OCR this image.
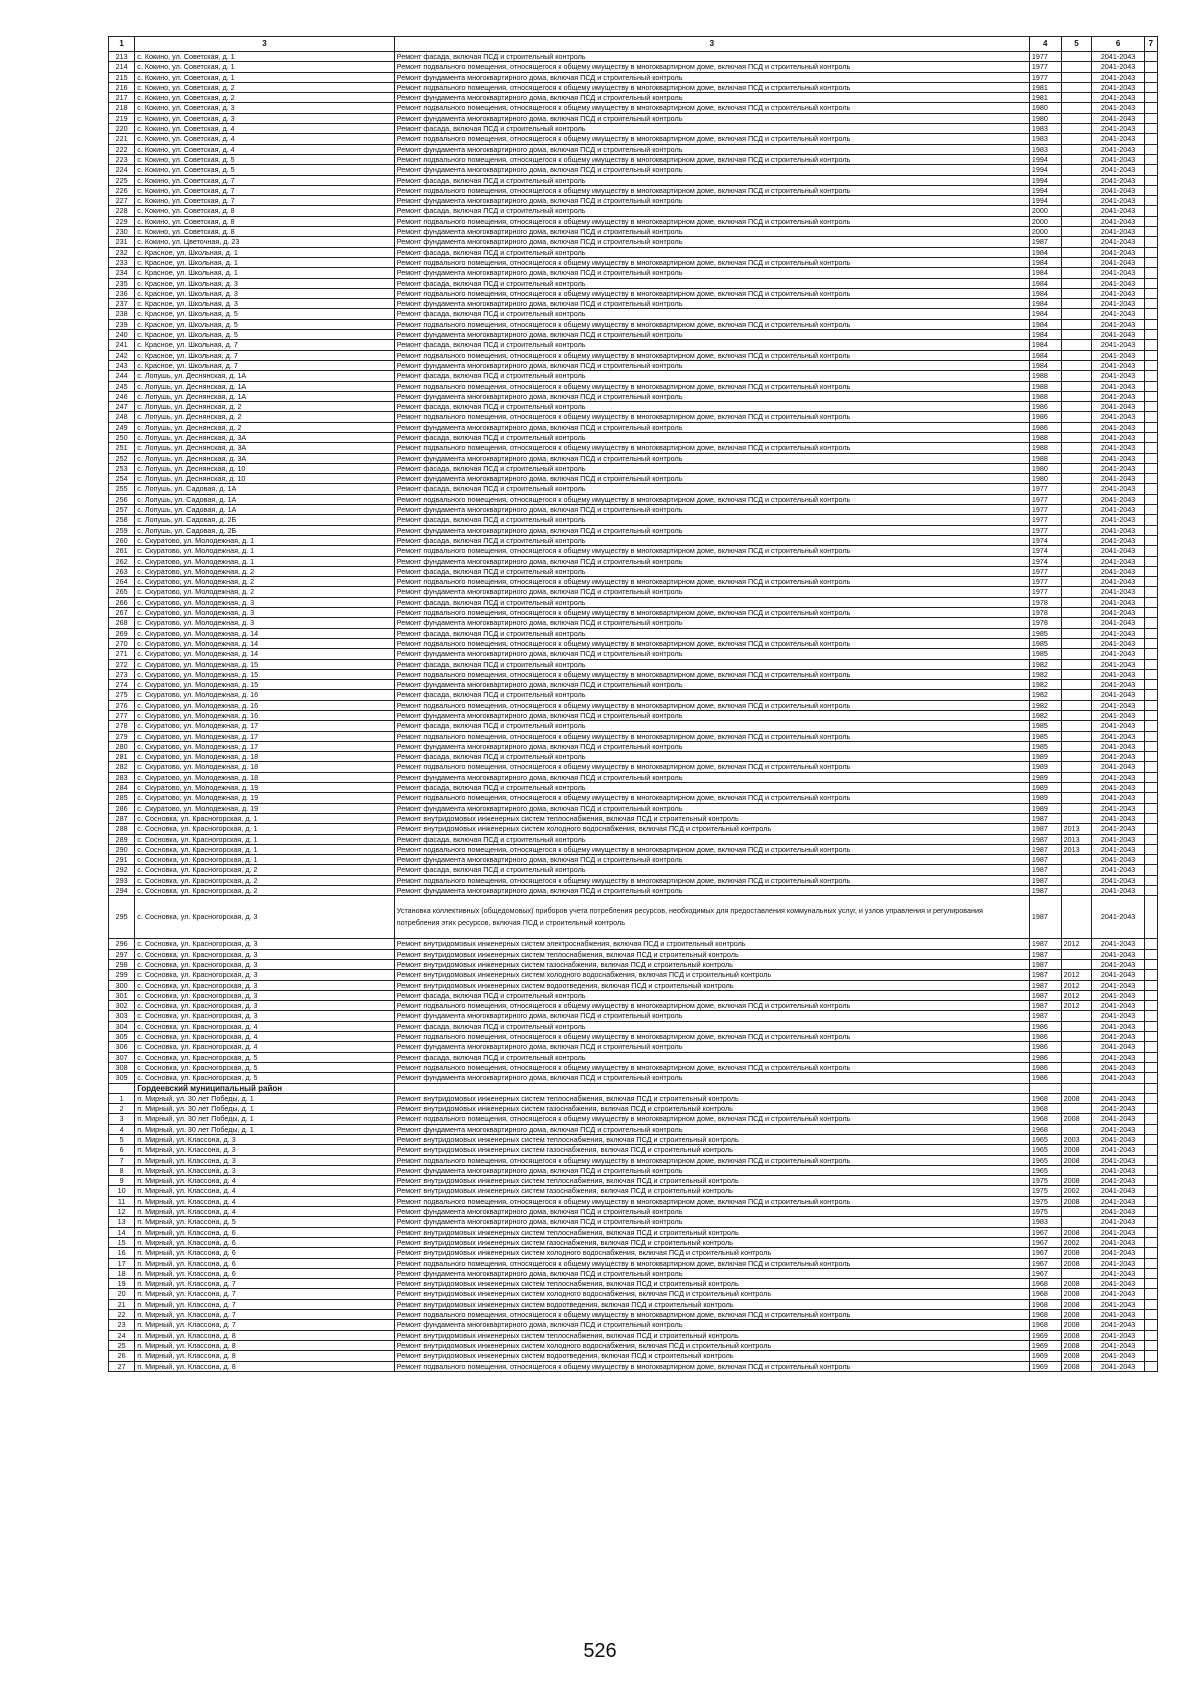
1	3	3	4	5	6	7
213	с. Кокино, ул. Советская, д. 1	Ремонт фасада, включая ПСД и строительный контроль	1977		2041-2043	
214	с. Кокино, ул. Советская, д. 1	Ремонт подвального помещения, относящегося к общему имуществу в многоквартирном доме, включая ПСД и строительный контроль	1977		2041-2043	
215	с. Кокино, ул. Советская, д. 1	Ремонт фундамента многоквартирного дома, включая ПСД и строительный контроль	1977		2041-2043	
216	с. Кокино, ул. Советская, д. 2	Ремонт подвального помещения, относящегося к общему имуществу в многоквартирном доме, включая ПСД и строительный контроль	1981		2041-2043	
217	с. Кокино, ул. Советская, д. 2	Ремонт фундамента многоквартирного дома, включая ПСД и строительный контроль	1981		2041-2043	
218	с. Кокино, ул. Советская, д. 3	Ремонт подвального помещения, относящегося к общему имуществу в многоквартирном доме, включая ПСД и строительный контроль	1980		2041-2043	
219	с. Кокино, ул. Советская, д. 3	Ремонт фундамента многоквартирного дома, включая ПСД и строительный контроль	1980		2041-2043	
220	с. Кокино, ул. Советская, д. 4	Ремонт фасада, включая ПСД и строительный контроль	1983		2041-2043	
221	с. Кокино, ул. Советская, д. 4	Ремонт подвального помещения, относящегося к общему имуществу в многоквартирном доме, включая ПСД и строительный контроль	1983		2041-2043	
222	с. Кокино, ул. Советская, д. 4	Ремонт фундамента многоквартирного дома, включая ПСД и строительный контроль	1983		2041-2043	
223	с. Кокино, ул. Советская, д. 5	Ремонт подвального помещения, относящегося к общему имуществу в многоквартирном доме, включая ПСД и строительный контроль	1994		2041-2043	
224	с. Кокино, ул. Советская, д. 5	Ремонт фундамента многоквартирного дома, включая ПСД и строительный контроль	1994		2041-2043	
225	с. Кокино, ул. Советская, д. 7	Ремонт фасада, включая ПСД и строительный контроль	1994		2041-2043	
226	с. Кокино, ул. Советская, д. 7	Ремонт подвального помещения, относящегося к общему имуществу в многоквартирном доме, включая ПСД и строительный контроль	1994		2041-2043	
227	с. Кокино, ул. Советская, д. 7	Ремонт фундамента многоквартирного дома, включая ПСД и строительный контроль	1994		2041-2043	
228	с. Кокино, ул. Советская, д. 8	Ремонт фасада, включая ПСД и строительный контроль	2000		2041-2043	
229	с. Кокино, ул. Советская, д. 8	Ремонт подвального помещения, относящегося к общему имуществу в многоквартирном доме, включая ПСД и строительный контроль	2000		2041-2043	
230	с. Кокино, ул. Советская, д. 8	Ремонт фундамента многоквартирного дома, включая ПСД и строительный контроль	2000		2041-2043	
231	с. Кокино, ул. Цветочная, д. 23	Ремонт фундамента многоквартирного дома, включая ПСД и строительный контроль	1987		2041-2043	
232	с. Красное, ул. Школьная, д. 1	Ремонт фасада, включая ПСД и строительный контроль	1984		2041-2043	
233	с. Красное, ул. Школьная, д. 1	Ремонт подвального помещения, относящегося к общему имуществу в многоквартирном доме, включая ПСД и строительный контроль	1984		2041-2043	
234	с. Красное, ул. Школьная, д. 1	Ремонт фундамента многоквартирного дома, включая ПСД и строительный контроль	1984		2041-2043	
235	с. Красное, ул. Школьная, д. 3	Ремонт фасада, включая ПСД и строительный контроль	1984		2041-2043	
236	с. Красное, ул. Школьная, д. 3	Ремонт подвального помещения, относящегося к общему имуществу в многоквартирном доме, включая ПСД и строительный контроль	1984		2041-2043	
237	с. Красное, ул. Школьная, д. 3	Ремонт фундамента многоквартирного дома, включая ПСД и строительный контроль	1984		2041-2043	
238	с. Красное, ул. Школьная, д. 5	Ремонт фасада, включая ПСД и строительный контроль	1984		2041-2043	
239	с. Красное, ул. Школьная, д. 5	Ремонт подвального помещения, относящегося к общему имуществу в многоквартирном доме, включая ПСД и строительный контроль	1984		2041-2043	
240	с. Красное, ул. Школьная, д. 5	Ремонт фундамента многоквартирного дома, включая ПСД и строительный контроль	1984		2041-2043	
241	с. Красное, ул. Школьная, д. 7	Ремонт фасада, включая ПСД и строительный контроль	1984		2041-2043	
242	с. Красное, ул. Школьная, д. 7	Ремонт подвального помещения, относящегося к общему имуществу в многоквартирном доме, включая ПСД и строительный контроль	1984		2041-2043	
243	с. Красное, ул. Школьная, д. 7	Ремонт фундамента многоквартирного дома, включая ПСД и строительный контроль	1984		2041-2043	
244	с. Лопушь, ул. Деснянская, д. 1А	Ремонт фасада, включая ПСД и строительный контроль	1988		2041-2043	
245	с. Лопушь, ул. Деснянская, д. 1А	Ремонт подвального помещения, относящегося к общему имуществу в многоквартирном доме, включая ПСД и строительный контроль	1988		2041-2043	
246	с. Лопушь, ул. Деснянская, д. 1А	Ремонт фундамента многоквартирного дома, включая ПСД и строительный контроль	1988		2041-2043	
247	с. Лопушь, ул. Деснянская, д. 2	Ремонт фасада, включая ПСД и строительный контроль	1986		2041-2043	
248	с. Лопушь, ул. Деснянская, д. 2	Ремонт подвального помещения, относящегося к общему имуществу в многоквартирном доме, включая ПСД и строительный контроль	1986		2041-2043	
249	с. Лопушь, ул. Деснянская, д. 2	Ремонт фундамента многоквартирного дома, включая ПСД и строительный контроль	1986		2041-2043	
250	с. Лопушь, ул. Деснянская, д. 3А	Ремонт фасада, включая ПСД и строительный контроль	1988		2041-2043	
251	с. Лопушь, ул. Деснянская, д. 3А	Ремонт подвального помещения, относящегося к общему имуществу в многоквартирном доме, включая ПСД и строительный контроль	1988		2041-2043	
252	с. Лопушь, ул. Деснянская, д. 3А	Ремонт фундамента многоквартирного дома, включая ПСД и строительный контроль	1988		2041-2043	
253	с. Лопушь, ул. Деснянская, д. 10	Ремонт фасада, включая ПСД и строительный контроль	1980		2041-2043	
254	с. Лопушь, ул. Деснянская, д. 10	Ремонт фундамента многоквартирного дома, включая ПСД и строительный контроль	1980		2041-2043	
255	с. Лопушь, ул. Садовая, д. 1А	Ремонт фасада, включая ПСД и строительный контроль	1977		2041-2043	
256	с. Лопушь, ул. Садовая, д. 1А	Ремонт подвального помещения, относящегося к общему имуществу в многоквартирном доме, включая ПСД и строительный контроль	1977		2041-2043	
257	с. Лопушь, ул. Садовая, д. 1А	Ремонт фундамента многоквартирного дома, включая ПСД и строительный контроль	1977		2041-2043	
258	с. Лопушь, ул. Садовая, д. 2Б	Ремонт фасада, включая ПСД и строительный контроль	1977		2041-2043	
259	с. Лопушь, ул. Садовая, д. 2Б	Ремонт фундамента многоквартирного дома, включая ПСД и строительный контроль	1977		2041-2043	
260	с. Скуратово, ул. Молодежная, д. 1	Ремонт фасада, включая ПСД и строительный контроль	1974		2041-2043	
261	с. Скуратово, ул. Молодежная, д. 1	Ремонт подвального помещения, относящегося к общему имуществу в многоквартирном доме, включая ПСД и строительный контроль	1974		2041-2043	
262	с. Скуратово, ул. Молодежная, д. 1	Ремонт фундамента многоквартирного дома, включая ПСД и строительный контроль	1974		2041-2043	
263	с. Скуратово, ул. Молодежная, д. 2	Ремонт фасада, включая ПСД и строительный контроль	1977		2041-2043	
264	с. Скуратово, ул. Молодежная, д. 2	Ремонт подвального помещения, относящегося к общему имуществу в многоквартирном доме, включая ПСД и строительный контроль	1977		2041-2043	
265	с. Скуратово, ул. Молодежная, д. 2	Ремонт фундамента многоквартирного дома, включая ПСД и строительный контроль	1977		2041-2043	
266	с. Скуратово, ул. Молодежная, д. 3	Ремонт фасада, включая ПСД и строительный контроль	1978		2041-2043	
267	с. Скуратово, ул. Молодежная, д. 3	Ремонт подвального помещения, относящегося к общему имуществу в многоквартирном доме, включая ПСД и строительный контроль	1978		2041-2043	
268	с. Скуратово, ул. Молодежная, д. 3	Ремонт фундамента многоквартирного дома, включая ПСД и строительный контроль	1978		2041-2043	
269	с. Скуратово, ул. Молодежная, д. 14	Ремонт фасада, включая ПСД и строительный контроль	1985		2041-2043	
270	с. Скуратово, ул. Молодежная, д. 14	Ремонт подвального помещения, относящегося к общему имуществу в многоквартирном доме, включая ПСД и строительный контроль	1985		2041-2043	
271	с. Скуратово, ул. Молодежная, д. 14	Ремонт фундамента многоквартирного дома, включая ПСД и строительный контроль	1985		2041-2043	
272	с. Скуратово, ул. Молодежная, д. 15	Ремонт фасада, включая ПСД и строительный контроль	1982		2041-2043	
273	с. Скуратово, ул. Молодежная, д. 15	Ремонт подвального помещения, относящегося к общему имуществу в многоквартирном доме, включая ПСД и строительный контроль	1982		2041-2043	
274	с. Скуратово, ул. Молодежная, д. 15	Ремонт фундамента многоквартирного дома, включая ПСД и строительный контроль	1982		2041-2043	
275	с. Скуратово, ул. Молодежная, д. 16	Ремонт фасада, включая ПСД и строительный контроль	1982		2041-2043	
276	с. Скуратово, ул. Молодежная, д. 16	Ремонт подвального помещения, относящегося к общему имуществу в многоквартирном доме, включая ПСД и строительный контроль	1982		2041-2043	
277	с. Скуратово, ул. Молодежная, д. 16	Ремонт фундамента многоквартирного дома, включая ПСД и строительный контроль	1982		2041-2043	
278	с. Скуратово, ул. Молодежная, д. 17	Ремонт фасада, включая ПСД и строительный контроль	1985		2041-2043	
279	с. Скуратово, ул. Молодежная, д. 17	Ремонт подвального помещения, относящегося к общему имуществу в многоквартирном доме, включая ПСД и строительный контроль	1985		2041-2043	
280	с. Скуратово, ул. Молодежная, д. 17	Ремонт фундамента многоквартирного дома, включая ПСД и строительный контроль	1985		2041-2043	
281	с. Скуратово, ул. Молодежная, д. 18	Ремонт фасада, включая ПСД и строительный контроль	1989		2041-2043	
282	с. Скуратово, ул. Молодежная, д. 18	Ремонт подвального помещения, относящегося к общему имуществу в многоквартирном доме, включая ПСД и строительный контроль	1989		2041-2043	
283	с. Скуратово, ул. Молодежная, д. 18	Ремонт фундамента многоквартирного дома, включая ПСД и строительный контроль	1989		2041-2043	
284	с. Скуратово, ул. Молодежная, д. 19	Ремонт фасада, включая ПСД и строительный контроль	1989		2041-2043	
285	с. Скуратово, ул. Молодежная, д. 19	Ремонт подвального помещения, относящегося к общему имуществу в многоквартирном доме, включая ПСД и строительный контроль	1989		2041-2043	
286	с. Скуратово, ул. Молодежная, д. 19	Ремонт фундамента многоквартирного дома, включая ПСД и строительный контроль	1989		2041-2043	
287	с. Сосновка, ул. Красногорская, д. 1	Ремонт внутридомовых инженерных систем теплоснабжения, включая ПСД и строительный контроль	1987		2041-2043	
288	с. Сосновка, ул. Красногорская, д. 1	Ремонт внутридомовых инженерных систем холодного водоснабжения, включая ПСД и строительный контроль	1987	2013	2041-2043	
289	с. Сосновка, ул. Красногорская, д. 1	Ремонт фасада, включая ПСД и строительный контроль	1987	2013	2041-2043	
290	с. Сосновка, ул. Красногорская, д. 1	Ремонт подвального помещения, относящегося к общему имуществу в многоквартирном доме, включая ПСД и строительный контроль	1987	2013	2041-2043	
291	с. Сосновка, ул. Красногорская, д. 1	Ремонт фундамента многоквартирного дома, включая ПСД и строительный контроль	1987		2041-2043	
292	с. Сосновка, ул. Красногорская, д. 2	Ремонт фасада, включая ПСД и строительный контроль	1987		2041-2043	
293	с. Сосновка, ул. Красногорская, д. 2	Ремонт подвального помещения, относящегося к общему имуществу в многоквартирном доме, включая ПСД и строительный контроль	1987		2041-2043	
294	с. Сосновка, ул. Красногорская, д. 2	Ремонт фундамента многоквартирного дома, включая ПСД и строительный контроль	1987		2041-2043	
295	с. Сосновка, ул. Красногорская, д. 3	Установка коллективных (общедомовых) приборов учета потребления ресурсов, необходимых для предоставления коммунальных услуг, и узлов управления и регулирования потребления этих ресурсов, включая ПСД и строительный контроль	1987		2041-2043	
296	с. Сосновка, ул. Красногорская, д. 3	Ремонт внутридомовых инженерных систем электроснабжения, включая ПСД и строительный контроль	1987	2012	2041-2043	
297	с. Сосновка, ул. Красногорская, д. 3	Ремонт внутридомовых инженерных систем теплоснабжения, включая ПСД и строительный контроль	1987		2041-2043	
298	с. Сосновка, ул. Красногорская, д. 3	Ремонт внутридомовых инженерных систем газоснабжения, включая ПСД и строительный контроль	1987		2041-2043	
299	с. Сосновка, ул. Красногорская, д. 3	Ремонт внутридомовых инженерных систем холодного водоснабжения, включая ПСД и строительный контроль	1987	2012	2041-2043	
300	с. Сосновка, ул. Красногорская, д. 3	Ремонт внутридомовых инженерных систем водоотведения, включая ПСД и строительный контроль	1987	2012	2041-2043	
301	с. Сосновка, ул. Красногорская, д. 3	Ремонт фасада, включая ПСД и строительный контроль	1987	2012	2041-2043	
302	с. Сосновка, ул. Красногорская, д. 3	Ремонт подвального помещения, относящегося к общему имуществу в многоквартирном доме, включая ПСД и строительный контроль	1987	2012	2041-2043	
303	с. Сосновка, ул. Красногорская, д. 3	Ремонт фундамента многоквартирного дома, включая ПСД и строительный контроль	1987		2041-2043	
304	с. Сосновка, ул. Красногорская, д. 4	Ремонт фасада, включая ПСД и строительный контроль	1986		2041-2043	
305	с. Сосновка, ул. Красногорская, д. 4	Ремонт подвального помещения, относящегося к общему имуществу в многоквартирном доме, включая ПСД и строительный контроль	1986		2041-2043	
306	с. Сосновка, ул. Красногорская, д. 4	Ремонт фундамента многоквартирного дома, включая ПСД и строительный контроль	1986		2041-2043	
307	с. Сосновка, ул. Красногорская, д. 5	Ремонт фасада, включая ПСД и строительный контроль	1986		2041-2043	
308	с. Сосновка, ул. Красногорская, д. 5	Ремонт подвального помещения, относящегося к общему имуществу в многоквартирном доме, включая ПСД и строительный контроль	1986		2041-2043	
309	с. Сосновка, ул. Красногорская, д. 5	Ремонт фундамента многоквартирного дома, включая ПСД и строительный контроль	1986		2041-2043	
	Гордеевский муниципальный район					
1	п. Мирный, ул. 30 лет Победы, д. 1	Ремонт внутридомовых инженерных систем теплоснабжения, включая ПСД и строительный контроль	1968	2008	2041-2043	
2	п. Мирный, ул. 30 лет Победы, д. 1	Ремонт внутридомовых инженерных систем газоснабжения, включая ПСД и строительный контроль	1968		2041-2043	
3	п. Мирный, ул. 30 лет Победы, д. 1	Ремонт подвального помещения, относящегося к общему имуществу в многоквартирном доме, включая ПСД и строительный контроль	1968	2008	2041-2043	
4	п. Мирный, ул. 30 лет Победы, д. 1	Ремонт фундамента многоквартирного дома, включая ПСД и строительный контроль	1968		2041-2043	
5	п. Мирный, ул. Классона, д. 3	Ремонт внутридомовых инженерных систем теплоснабжения, включая ПСД и строительный контроль	1965	2003	2041-2043	
6	п. Мирный, ул. Классона, д. 3	Ремонт внутридомовых инженерных систем газоснабжения, включая ПСД и строительный контроль	1965	2008	2041-2043	
7	п. Мирный, ул. Классона, д. 3	Ремонт подвального помещения, относящегося к общему имуществу в многоквартирном доме, включая ПСД и строительный контроль	1965	2008	2041-2043	
8	п. Мирный, ул. Классона, д. 3	Ремонт фундамента многоквартирного дома, включая ПСД и строительный контроль	1965		2041-2043	
9	п. Мирный, ул. Классона, д. 4	Ремонт внутридомовых инженерных систем теплоснабжения, включая ПСД и строительный контроль	1975	2008	2041-2043	
10	п. Мирный, ул. Классона, д. 4	Ремонт внутридомовых инженерных систем газоснабжения, включая ПСД и строительный контроль	1975	2002	2041-2043	
11	п. Мирный, ул. Классона, д. 4	Ремонт подвального помещения, относящегося к общему имуществу в многоквартирном доме, включая ПСД и строительный контроль	1975	2008	2041-2043	
12	п. Мирный, ул. Классона, д. 4	Ремонт фундамента многоквартирного дома, включая ПСД и строительный контроль	1975		2041-2043	
13	п. Мирный, ул. Классона, д. 5	Ремонт фундамента многоквартирного дома, включая ПСД и строительный контроль	1983		2041-2043	
14	п. Мирный, ул. Классона, д. 6	Ремонт внутридомовых инженерных систем теплоснабжения, включая ПСД и строительный контроль	1967	2008	2041-2043	
15	п. Мирный, ул. Классона, д. 6	Ремонт внутридомовых инженерных систем газоснабжения, включая ПСД и строительный контроль	1967	2002	2041-2043	
16	п. Мирный, ул. Классона, д. 6	Ремонт внутридомовых инженерных систем холодного водоснабжения, включая ПСД и строительный контроль	1967	2008	2041-2043	
17	п. Мирный, ул. Классона, д. 6	Ремонт подвального помещения, относящегося к общему имуществу в многоквартирном доме, включая ПСД и строительный контроль	1967	2008	2041-2043	
18	п. Мирный, ул. Классона, д. 6	Ремонт фундамента многоквартирного дома, включая ПСД и строительный контроль	1967		2041-2043	
19	п. Мирный, ул. Классона, д. 7	Ремонт внутридомовых инженерных систем теплоснабжения, включая ПСД и строительный контроль	1968	2008	2041-2043	
20	п. Мирный, ул. Классона, д. 7	Ремонт внутридомовых инженерных систем холодного водоснабжения, включая ПСД и строительный контроль	1968	2008	2041-2043	
21	п. Мирный, ул. Классона, д. 7	Ремонт внутридомовых инженерных систем водоотведения, включая ПСД и строительный контроль	1968	2008	2041-2043	
22	п. Мирный, ул. Классона, д. 7	Ремонт подвального помещения, относящегося к общему имуществу в многоквартирном доме, включая ПСД и строительный контроль	1968	2008	2041-2043	
23	п. Мирный, ул. Классона, д. 7	Ремонт фундамента многоквартирного дома, включая ПСД и строительный контроль	1968	2008	2041-2043	
24	п. Мирный, ул. Классона, д. 8	Ремонт внутридомовых инженерных систем теплоснабжения, включая ПСД и строительный контроль	1969	2008	2041-2043	
25	п. Мирный, ул. Классона, д. 8	Ремонт внутридомовых инженерных систем холодного водоснабжения, включая ПСД и строительный контроль	1969	2008	2041-2043	
26	п. Мирный, ул. Классона, д. 8	Ремонт внутридомовых инженерных систем водоотведения, включая ПСД и строительный контроль	1969	2008	2041-2043	
27	п. Мирный, ул. Классона, д. 8	Ремонт подвального помещения, относящегося к общему имуществу в многоквартирном доме, включая ПСД и строительный контроль	1969	2008	2041-2043	
526
